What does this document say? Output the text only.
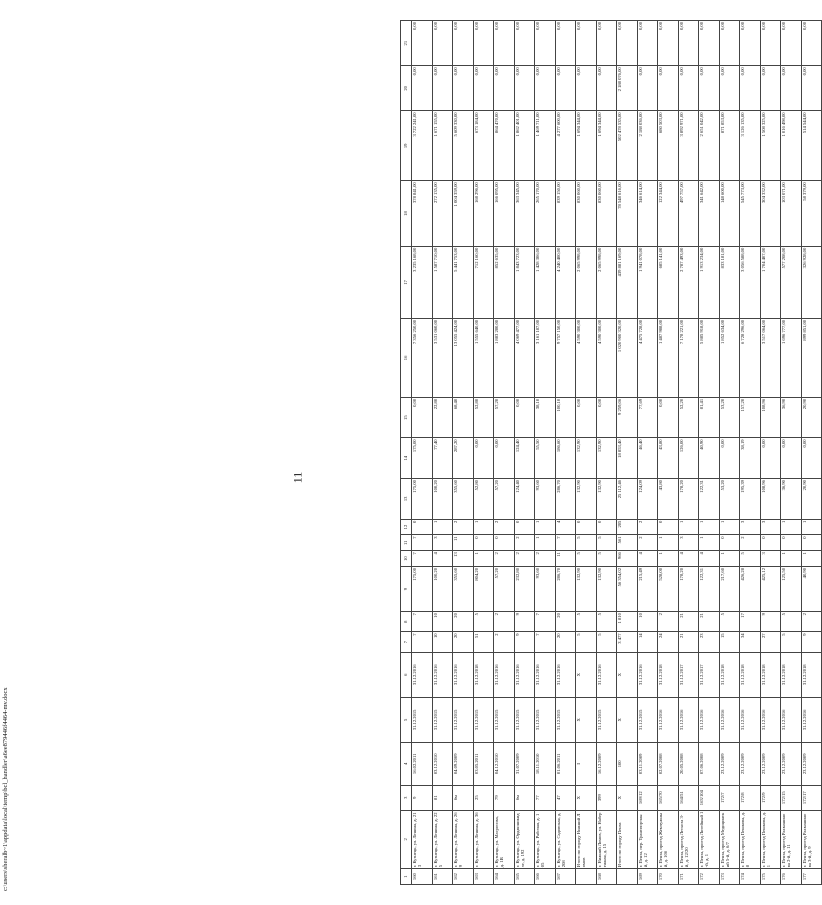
11
c:\users\sheralb~1\appdata\local\temp\bcl_handler\a6ee879446f4464-mv.docx	1	2	3	4	5	6	7	8	9	10	11	12	13	14	15	16	17	18	19	20	21
160	г. Кузнецк, ул. Ленина, д. 213	9	16.02.2011	31.12.2015	31.12.2016	7	7	175,00	7	7	0	175,00	175,00	0,00	7 356 250,00	3 235 168,00	378 841,00	3 722 241,00	0,00	0,00
161	г. Кузнецк, ул. Ленина, д. 225	81	03.12.2010	31.12.2015	31.12.2016	10	10	100,20	4	3	1	100,20	77,40	22,80	3 531 060,00	1 587 710,00	272 135,00	1 671 155,00	0,00	0,00
162	г. Кузнецк, ул. Ленина, д. 269	6м	04.09.2009	31.12.2015	31.12.2016	20	20	355,60	13	11	2	355,60	287,20	68,40	13 055 424,00	5 441 753,00	1 004 359,00	5 609 330,00	0,00	0,00
163	г. Кузнецк, ул. Ленина, д. 36	25	03.05.2011	31.12.2015	31.12.2018	51	5	804,20	1	0	1	52,80	0,00	52,80	1 555 640,00	712 160,00	168 296,00	673 184,00	0,00	0,00
164	г. Кузнецк, ул. Матросова, д. 1В	79	04.12.2010	31.12.2015	31.12.2016	2	2	57,20	2	0	2	57,20	0,00	57,20	1 883 280,00	852 635,00	166 095,00	864 470,00	0,00	0,00
165	г. Кузнецк, ул. Орджоникидзе, д. 192	6м	31.07.2009	31.12.2015	31.12.2016	9	9	232,80	2	2	0	124,40	124,40	0,00	4 069 477,00	1 843 723,00	363 345,00	1 862 401,00	0,00	0,00
166	г. Кузнецк, ул. Рабочая, д. 105	77	18.11.2010	31.12.2015	31.12.2016	7	7	93,60	2	1	1	93,60	55,50	38,10	3 161 187,00	1 428 306,00	265 170,00	1 469 711,00	0,00	0,00
167	г. Кузнецк, ул. Садовская, д. 208	47	01.06.2011	31.12.2015	31.12.2016	20	20	286,70	11	7	4	286,70	186,60	100,10	9 757 150,00	4 240 400,00	839 150,00	4 277 600,00	0,00	0,00
	Итого по городу Нижний Ломов	X	I	X	X	5	5	132,90	5	5	0	132,90	132,90	0,00	4 590 300,00	2 065 998,00	830 060,00	1 694 344,00	0,00	0,00
168	г. Нижний Ломов, ул. Набережная, д. 15	399	16.12.2009	31.12.2015	31.12.2016	5	5	132,90	5	5	0	132,90	132,90	0,00	4 590 300,00	2 065 998,00	830 060,00	1 694 344,00	0,00	0,00
	Итого по городу Пенза	X	100	X	X	3 477	1 810	56 354,02	966	561	205	25 112,46	18 853,40	9 259,06	1 020 900 320,00	439 881 169,00	78 548 616,00	502 478 535,00	2 188 076,00	0,00
169	г. Пенза, пер. Транспортный, д. 12	169/12	03.11.2009	31.12.2015	31.12.2016	14	10	215,49	4	2	2	124,09	46,40	77,69	4 475 728,00	1 941 078,00	346 614,00	2 188 036,00	0,00	0,00
170	г. Пенза, проезд Жемчужный, д. 10б	165/70	02.07.2008	31.12.2016	31.12.2018	24	2	528,00	1	1	0	43,80	43,80	0,00	1 487 988,00	685 141,00	122 344,00	680 503,00	0,00	0,00
171	г. Пенза, проезд Лесхоза 3-й, д. 12/20	164/51	20.05.2008	31.12.2016	31.12.2017	21	21	178,20	4	3	1	178,20	126,00	52,20	7 178 221,00	2 787 493,00	497 757,00	3 892 971,00	0,00	0,00
172	г. Пенза, проезд Литейный 1-й, д. 1	163/104	07.06.2008	31.12.2016	31.12.2017	23	21	122,31	4	1	1	122,31	40,90	81,41	5 885 918,00	1 913 234,00	341 642,00	2 651 042,00	0,00	0,00
173	г. Пенза, проезд Медицинский 5-й, д. 6/7	172/7	23.12.2009	31.12.2016	31.12.2018	15	5	217,60	1	0	1	53,20	0,00	53,20	1 852 634,00	833 181,00	148 600,00	871 853,00	0,00	0,00
174	г. Пенза, проезд Пешкова, д. 8	172/8	23.12.2009	31.12.2016	31.12.2018	34	17	426,28	5	2	3	195,39	38,19	157,20	6 728 296,00	3 056 588,00	545 773,00	3 126 135,00	0,00	0,00
175	г. Пенза, проезд Пешкова, д. 1	172/9	23.12.2009	31.12.2016	31.12.2018	27	9	425,12	3	0	3	108,96	0,00	108,96	3 517 064,00	1 704 407,00	304 332,00	1 508 325,00	0,00	0,00
176	г. Пенза, проезд Рахманинова 2-й, д. 11	172/15	23.12.2009	31.12.2016	31.12.2018	5	5	125,50	1	0	1	36,90	0,00	36,90	1 696 777,00	577 208,00	103 071,00	1 016 498,00	0,00	0,00
177	г. Пенза, проезд Рахманинова 3-й, д. 9	172/17	23.12.2009	31.12.2016	31.12.2018	9	2	40,90	1	0	1	20,90	0,00	20,90	899 851,00	326 928,00	58 379,00	514 544,00	0,00	0,00
